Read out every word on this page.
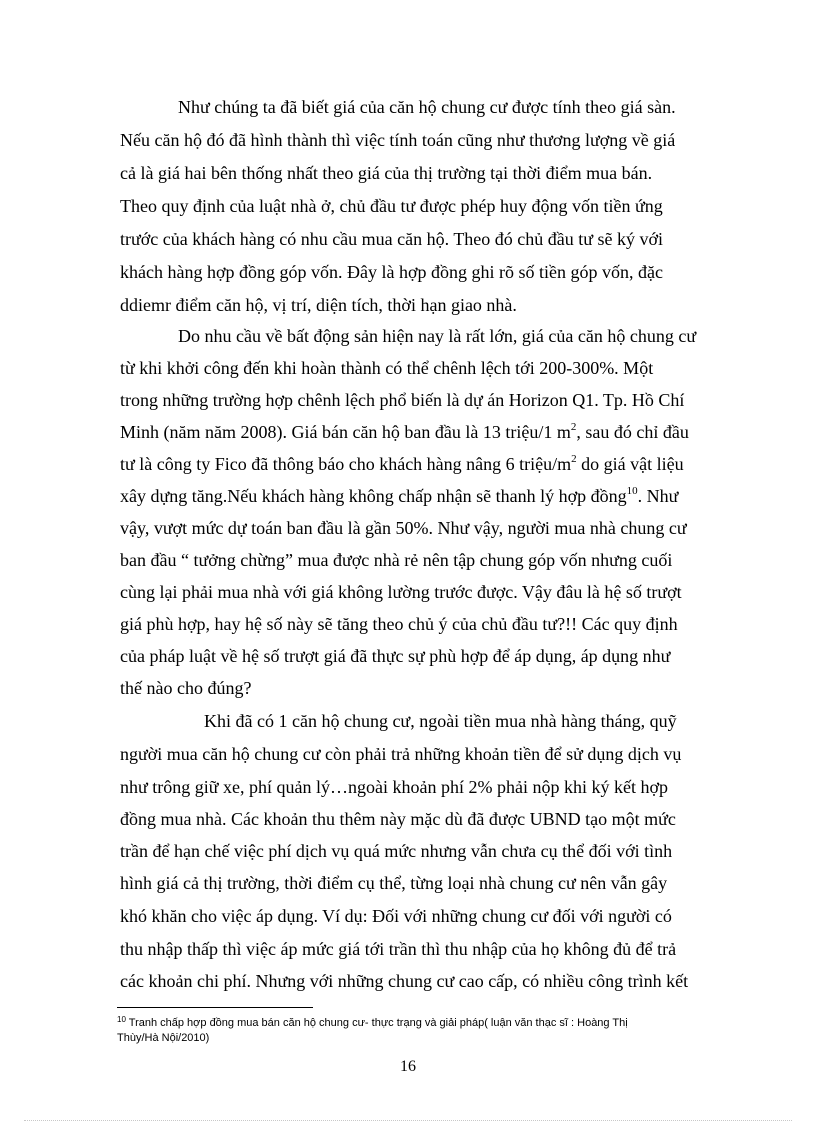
Như chúng ta đã biết giá của căn hộ chung cư được tính theo giá sàn.
Nếu căn hộ đó đã hình thành thì việc tính toán cũng như thương lượng về giá
cả là giá hai bên thống nhất theo giá của thị trường tại thời điểm mua bán.
Theo quy định của luật nhà ở, chủ đầu tư được phép huy động vốn tiền ứng
trước của khách hàng có nhu cầu mua căn hộ. Theo đó chủ đầu tư sẽ ký với
khách hàng hợp đồng góp vốn. Đây là hợp đồng ghi rõ số tiền góp vốn, đặc
ddiemr điểm căn hộ, vị trí, diện tích, thời hạn giao nhà.
Do nhu cầu về bất động sản hiện nay là rất lớn, giá của căn hộ chung cư
từ khi khởi công đến khi hoàn thành có thể chênh lệch tới 200-300%. Một
trong những trường hợp chênh lệch phổ biến là dự án Horizon Q1. Tp. Hồ Chí
Minh (năm năm 2008). Giá bán căn hộ ban đầu là 13 triệu/1 $m^2$, sau đó chỉ đầu
tư là công ty Fico đã thông báo cho khách hàng nâng 6 triệu/$m^2$ do giá vật liệu
xây dựng tăng.Nếu khách hàng không chấp nhận sẽ thanh lý hợp đồng$^{10}$. Như
vậy, vượt mức dự toán ban đầu là gần 50%. Như vậy, người mua nhà chung cư
ban đầu “ tưởng chừng” mua được nhà rẻ nên tập chung góp vốn nhưng cuối
cùng lại phải mua nhà với giá không lường trước được. Vậy đâu là hệ số trượt
giá phù hợp, hay hệ số này sẽ tăng theo chủ ý của chủ đầu tư?!! Các quy định
của pháp luật về hệ số trượt giá đã thực sự phù hợp để áp dụng, áp dụng như
thế nào cho đúng?
Khi đã có 1 căn hộ chung cư, ngoài tiền mua nhà hàng tháng, quỹ
người mua căn hộ chung cư còn phải trả những khoản tiền để sử dụng dịch vụ
như trông giữ xe, phí quản lý…ngoài khoản phí 2% phải nộp khi ký kết hợp
đồng mua nhà. Các khoản thu thêm này mặc dù đã được UBND tạo một mức
trần để hạn chế việc phí dịch vụ quá mức nhưng vẫn chưa cụ thể đối với tình
hình giá cả thị trường, thời điểm cụ thể, từng loại nhà chung cư nên vẫn gây
khó khăn cho việc áp dụng. Ví dụ: Đối với những chung cư đối với người có
thu nhập thấp thì việc áp mức giá tới trần thì thu nhập của họ không đủ để trả
các khoản chi phí. Nhưng với những chung cư cao cấp, có nhiều công trình kết
$^{10}$ Tranh chấp hợp đồng mua bán căn hộ chung cư- thực trạng và giải pháp( luận văn thạc sĩ : Hoàng Thị
Thùy/Hà Nội/2010)
16
